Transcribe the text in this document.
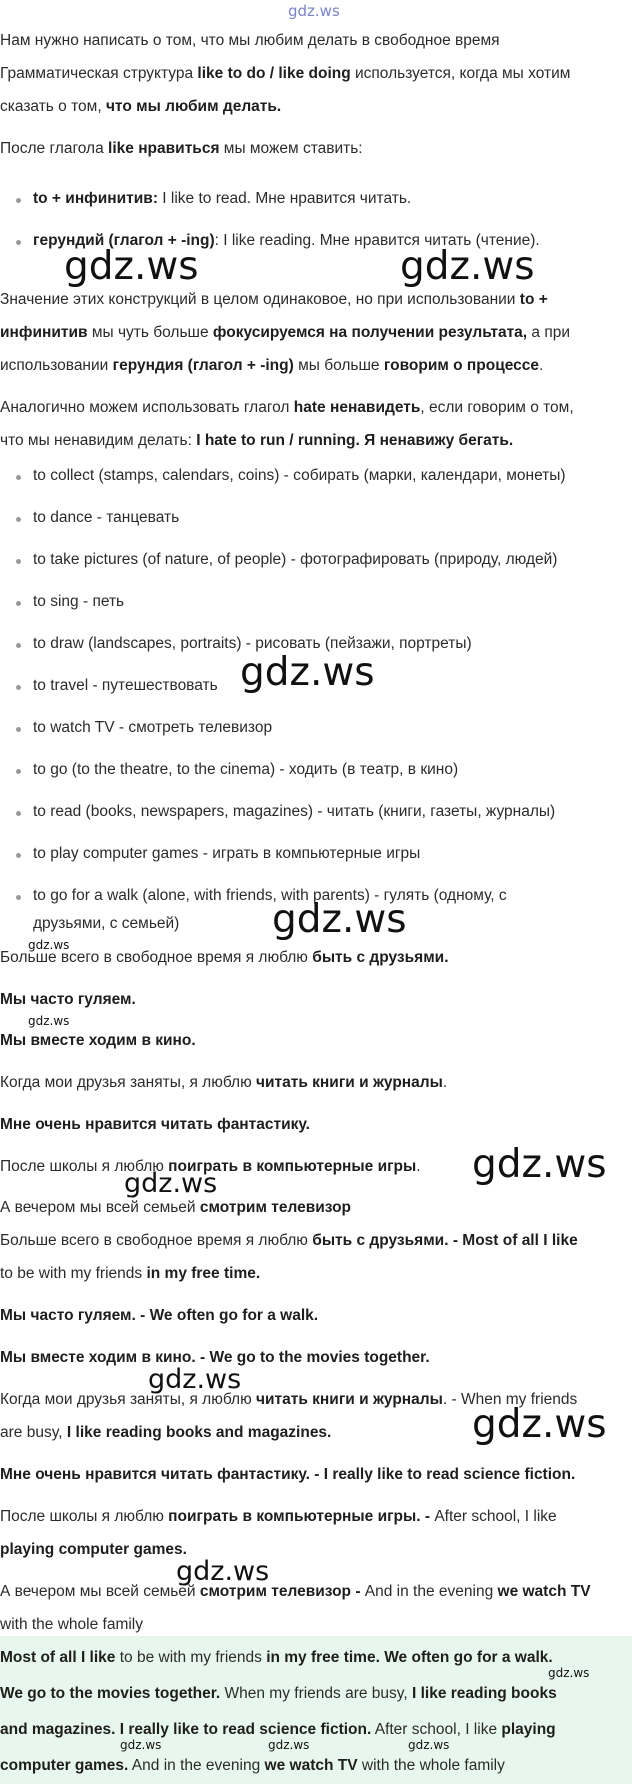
gdz.ws
Нам нужно написать о том, что мы любим делать в свободное время
Грамматическая структура like to do / like doing используется, когда мы хотим
сказать о том, что мы любим делать.
После глагола like нравиться мы можем ставить:
to + инфинитив: I like to read. Мне нравится читать.
герундий (глагол + -ing): I like reading. Мне нравится читать (чтение).
gdz.ws	gdz.ws
Значение этих конструкций в целом одинаковое, но при использовании to +
инфинитив мы чуть больше фокусируемся на получении результата, а при
использовании герундия (глагол + -ing) мы больше говорим о процессе.
Аналогично можем использовать глагол hate ненавидеть, если говорим о том,
что мы ненавидим делать: I hate to run / running. Я ненавижу бегать.
to collect (stamps, calendars, coins) - собирать (марки, календари, монеты)
to dance - танцевать
to take pictures (of nature, of people) - фотографировать (природу, людей)
to sing - петь
to draw (landscapes, portraits) - рисовать (пейзажи, портреты)
to travel - путешествовать gdz.ws
to watch TV - смотреть телевизор
to go (to the theatre, to the cinema) - ходить (в театр, в кино)
to read (books, newspapers, magazines) - читать (книги, газеты, журналы)
to play computer games - играть в компьютерные игры
to go for a walk (alone, with friends, with parents) - гулять (одному, с
друзьями, с семьей) gdz.ws
gdz.ws
Больше всего в свободное время я люблю быть с друзьями.
Мы часто гуляем.
gdz.ws
Мы вместе ходим в кино.
Когда мои друзья заняты, я люблю читать книги и журналы.
Мне очень нравится читать фантастику.
После школы я люблю поиграть в компьютерные игры. gdz.ws
gdz.ws
А вечером мы всей семьей смотрим телевизор
Больше всего в свободное время я люблю быть с друзьями. - Most of all I like
to be with my friends in my free time.
Мы часто гуляем. - We often go for a walk.
Мы вместе ходим в кино. - We go to the movies together.
gdz.ws
Когда мои друзья заняты, я люблю читать книги и журналы. - When my friends
are busy, I like reading books and magazines.	gdz.ws
Мне очень нравится читать фантастику. - I really like to read science fiction.
После школы я люблю поиграть в компьютерные игры. - After school, I like
playing computer games.
gdz.ws
А вечером мы всей семьей смотрим телевизор - And in the evening we watch TV
with the whole family
Most of all I like to be with my friends in my free time. We often go for a walk.
We go to the movies together. When my friends are busy, I like reading books
and magazines. I really like to read science fiction. After school, I like playing
computer games. And in the evening we watch TV with the whole family
gdz.ws
gdz.ws	gdz.ws	gdz.ws
